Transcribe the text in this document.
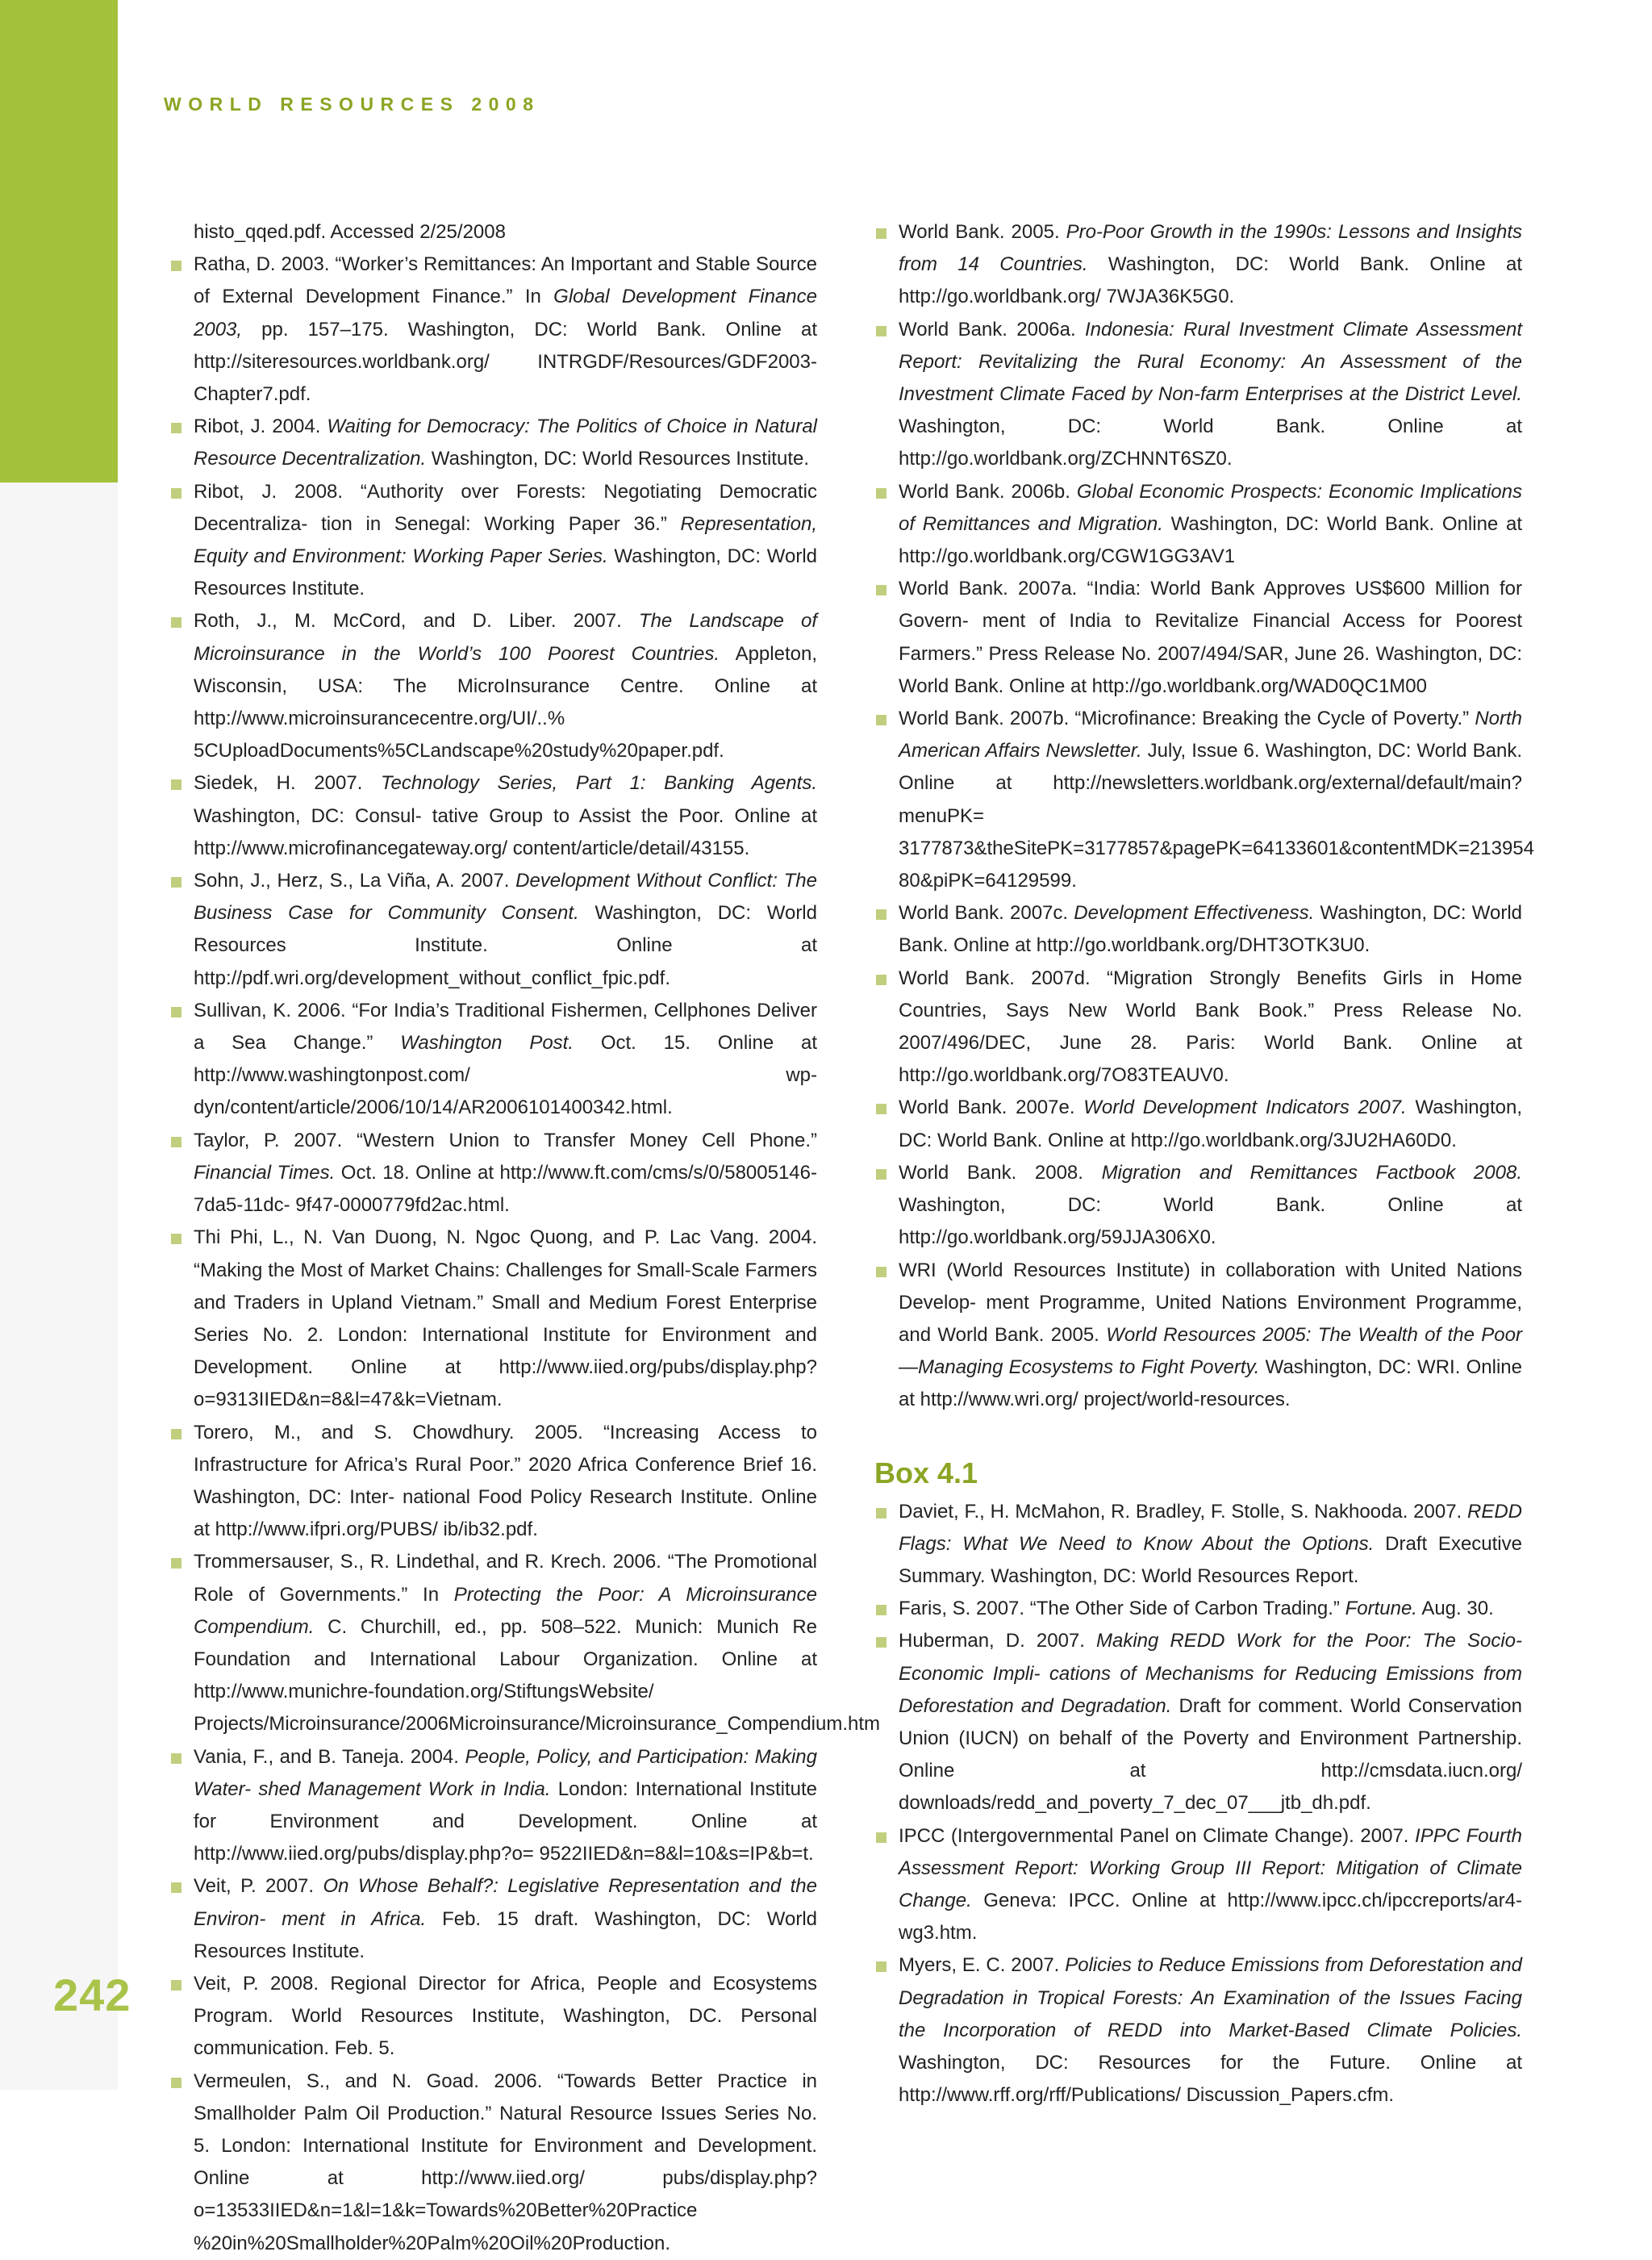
WORLD RESOURCES 2008
histo_qqed.pdf. Accessed 2/25/2008
Ratha, D. 2003. “Worker’s Remittances: An Important and Stable Source of External Development Finance.” In Global Development Finance 2003, pp. 157–175. Washington, DC: World Bank. Online at http://siteresources.worldbank.org/ INTRGDF/Resources/GDF2003-Chapter7.pdf.
Ribot, J. 2004. Waiting for Democracy: The Politics of Choice in Natural Resource Decentralization. Washington, DC: World Resources Institute.
Ribot, J. 2008. “Authority over Forests: Negotiating Democratic Decentraliza- tion in Senegal: Working Paper 36.” Representation, Equity and Environment: Working Paper Series. Washington, DC: World Resources Institute.
Roth, J., M. McCord, and D. Liber. 2007. The Landscape of Microinsurance in the World’s 100 Poorest Countries. Appleton, Wisconsin, USA: The MicroInsurance Centre. Online at http://www.microinsurancecentre.org/UI/..% 5CUploadDocuments%5CLandscape%20study%20paper.pdf.
Siedek, H. 2007. Technology Series, Part 1: Banking Agents. Washington, DC: Consul- tative Group to Assist the Poor. Online at http://www.microfinancegateway.org/ content/article/detail/43155.
Sohn, J., Herz, S., La Viña, A. 2007. Development Without Conflict: The Business Case for Community Consent. Washington, DC: World Resources Institute. Online at http://pdf.wri.org/development_without_conflict_fpic.pdf.
Sullivan, K. 2006. “For India’s Traditional Fishermen, Cellphones Deliver a Sea Change.” Washington Post. Oct. 15. Online at http://www.washingtonpost.com/ wp-dyn/content/article/2006/10/14/AR2006101400342.html.
Taylor, P. 2007. “Western Union to Transfer Money Cell Phone.” Financial Times. Oct. 18. Online at http://www.ft.com/cms/s/0/58005146-7da5-11dc- 9f47-0000779fd2ac.html.
Thi Phi, L., N. Van Duong, N. Ngoc Quong, and P. Lac Vang. 2004. “Making the Most of Market Chains: Challenges for Small-Scale Farmers and Traders in Upland Vietnam.” Small and Medium Forest Enterprise Series No. 2. London: International Institute for Environment and Development. Online at http://www.iied.org/pubs/display.php?o=9313IIED&n=8&l=47&k=Vietnam.
Torero, M., and S. Chowdhury. 2005. “Increasing Access to Infrastructure for Africa’s Rural Poor.” 2020 Africa Conference Brief 16. Washington, DC: Inter- national Food Policy Research Institute. Online at http://www.ifpri.org/PUBS/ ib/ib32.pdf.
Trommersauser, S., R. Lindethal, and R. Krech. 2006. “The Promotional Role of Governments.” In Protecting the Poor: A Microinsurance Compendium. C. Churchill, ed., pp. 508–522. Munich: Munich Re Foundation and International Labour Organization. Online at http://www.munichre-foundation.org/StiftungsWebsite/ Projects/Microinsurance/2006Microinsurance/Microinsurance_Compendium.htm
Vania, F., and B. Taneja. 2004. People, Policy, and Participation: Making Water- shed Management Work in India. London: International Institute for Environment and Development. Online at http://www.iied.org/pubs/display.php?o= 9522IIED&n=8&l=10&s=IP&b=t.
Veit, P. 2007. On Whose Behalf?: Legislative Representation and the Environ- ment in Africa. Feb. 15 draft. Washington, DC: World Resources Institute.
Veit, P. 2008. Regional Director for Africa, People and Ecosystems Program. World Resources Institute, Washington, DC. Personal communication. Feb. 5.
Vermeulen, S., and N. Goad. 2006. “Towards Better Practice in Smallholder Palm Oil Production.” Natural Resource Issues Series No. 5. London: International Institute for Environment and Development. Online at http://www.iied.org/ pubs/display.php?o=13533IIED&n=1&l=1&k=Towards%20Better%20Practice %20in%20Smallholder%20Palm%20Oil%20Production.
World Bank. 2005. Pro-Poor Growth in the 1990s: Lessons and Insights from 14 Countries. Washington, DC: World Bank. Online at http://go.worldbank.org/ 7WJA36K5G0.
World Bank. 2006a. Indonesia: Rural Investment Climate Assessment Report: Revitalizing the Rural Economy: An Assessment of the Investment Climate Faced by Non-farm Enterprises at the District Level. Washington, DC: World Bank. Online at http://go.worldbank.org/ZCHNNT6SZ0.
World Bank. 2006b. Global Economic Prospects: Economic Implications of Remittances and Migration. Washington, DC: World Bank. Online at http://go.worldbank.org/CGW1GG3AV1
World Bank. 2007a. “India: World Bank Approves US$600 Million for Govern- ment of India to Revitalize Financial Access for Poorest Farmers.” Press Release No. 2007/494/SAR, June 26. Washington, DC: World Bank. Online at http://go.worldbank.org/WAD0QC1M00
World Bank. 2007b. “Microfinance: Breaking the Cycle of Poverty.” North American Affairs Newsletter. July, Issue 6. Washington, DC: World Bank. Online at http://newsletters.worldbank.org/external/default/main?menuPK= 3177873&theSitePK=3177857&pagePK=64133601&contentMDK=213954 80&piPK=64129599.
World Bank. 2007c. Development Effectiveness. Washington, DC: World Bank. Online at http://go.worldbank.org/DHT3OTK3U0.
World Bank. 2007d. “Migration Strongly Benefits Girls in Home Countries, Says New World Bank Book.” Press Release No. 2007/496/DEC, June 28. Paris: World Bank. Online at http://go.worldbank.org/7O83TEAUV0.
World Bank. 2007e. World Development Indicators 2007. Washington, DC: World Bank. Online at http://go.worldbank.org/3JU2HA60D0.
World Bank. 2008. Migration and Remittances Factbook 2008. Washington, DC: World Bank. Online at http://go.worldbank.org/59JJA306X0.
WRI (World Resources Institute) in collaboration with United Nations Develop- ment Programme, United Nations Environment Programme, and World Bank. 2005. World Resources 2005: The Wealth of the Poor—Managing Ecosystems to Fight Poverty. Washington, DC: WRI. Online at http://www.wri.org/ project/world-resources.
Box 4.1
Daviet, F., H. McMahon, R. Bradley, F. Stolle, S. Nakhooda. 2007. REDD Flags: What We Need to Know About the Options. Draft Executive Summary. Washington, DC: World Resources Report.
Faris, S. 2007. “The Other Side of Carbon Trading.” Fortune. Aug. 30.
Huberman, D. 2007. Making REDD Work for the Poor: The Socio-Economic Impli- cations of Mechanisms for Reducing Emissions from Deforestation and Degradation. Draft for comment. World Conservation Union (IUCN) on behalf of the Poverty and Environment Partnership. Online at http://cmsdata.iucn.org/ downloads/redd_and_poverty_7_dec_07___jtb_dh.pdf.
IPCC (Intergovernmental Panel on Climate Change). 2007. IPPC Fourth Assessment Report: Working Group III Report: Mitigation of Climate Change. Geneva: IPCC. Online at http://www.ipcc.ch/ipccreports/ar4-wg3.htm.
Myers, E. C. 2007. Policies to Reduce Emissions from Deforestation and Degradation in Tropical Forests: An Examination of the Issues Facing the Incorporation of REDD into Market-Based Climate Policies. Washington, DC: Resources for the Future. Online at http://www.rff.org/rff/Publications/ Discussion_Papers.cfm.
242
